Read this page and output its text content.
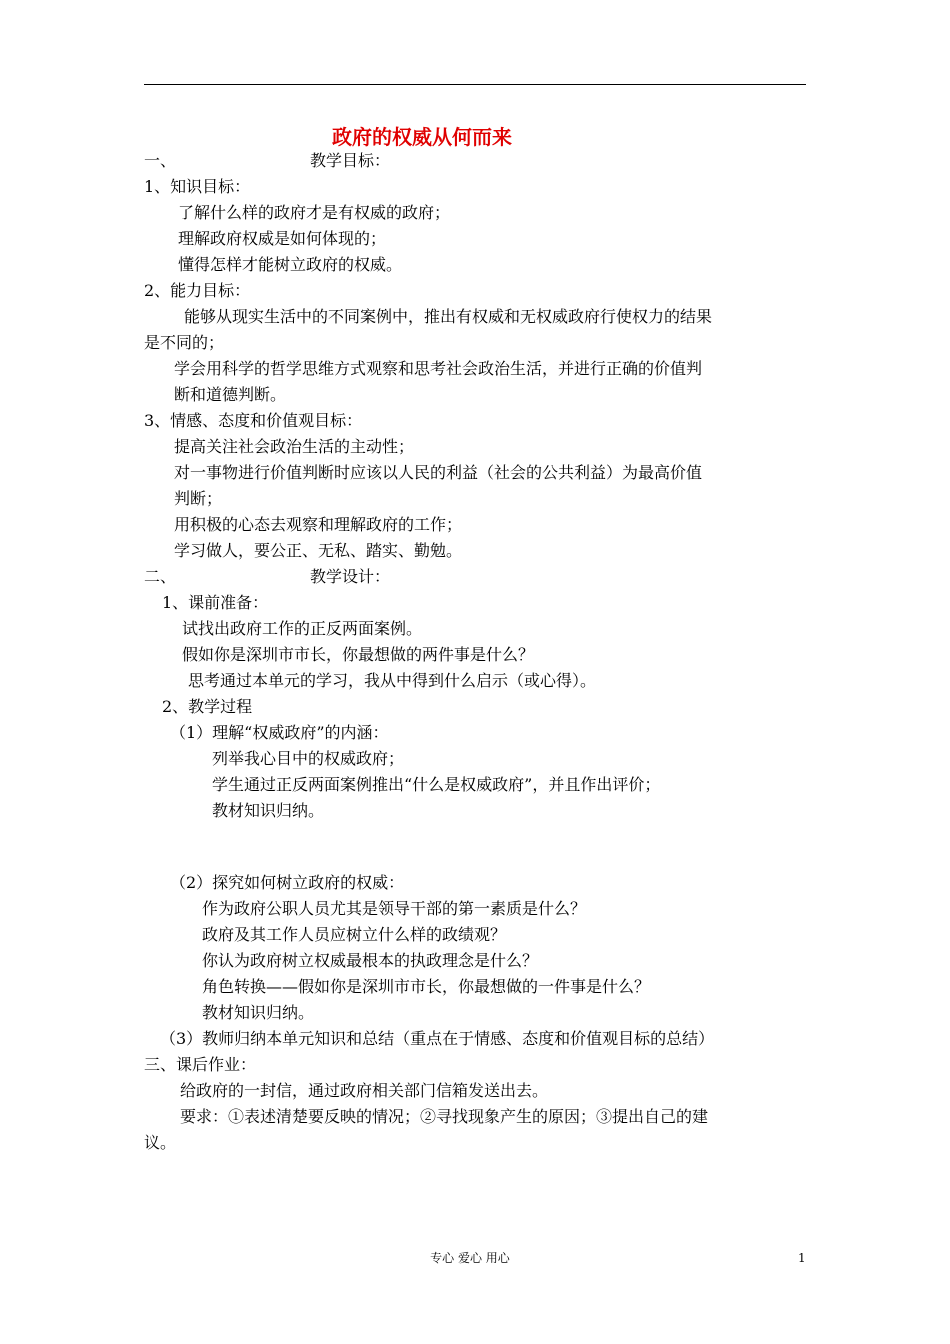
政府的权威从何而来
一、	教学目标：
1、知识目标：
了解什么样的政府才是有权威的政府；
理解政府权威是如何体现的；
懂得怎样才能树立政府的权威。
2、能力目标：
能够从现实生活中的不同案例中，推出有权威和无权威政府行使权力的结果
是不同的；
学会用科学的哲学思维方式观察和思考社会政治生活，并进行正确的价值判
断和道德判断。
3、情感、态度和价值观目标：
提高关注社会政治生活的主动性；
对一事物进行价值判断时应该以人民的利益（社会的公共利益）为最高价值
判断；
用积极的心态去观察和理解政府的工作；
学习做人，要公正、无私、踏实、勤勉。
二、	教学设计：
1、课前准备：
试找出政府工作的正反两面案例。
假如你是深圳市市长，你最想做的两件事是什么？
思考通过本单元的学习，我从中得到什么启示（或心得）。
2、教学过程
（1）理解“权威政府”的内涵：
列举我心目中的权威政府；
学生通过正反两面案例推出“什么是权威政府”，并且作出评价；
教材知识归纳。
（2）探究如何树立政府的权威：
作为政府公职人员尤其是领导干部的第一素质是什么？
政府及其工作人员应树立什么样的政绩观？
你认为政府树立权威最根本的执政理念是什么？
角色转换——假如你是深圳市市长，你最想做的一件事是什么？
教材知识归纳。
（3）教师归纳本单元知识和总结（重点在于情感、态度和价值观目标的总结）
三、课后作业：
给政府的一封信，通过政府相关部门信箱发送出去。
要求：①表述清楚要反映的情况；②寻找现象产生的原因；③提出自己的建
议。
专心 爱心 用心	1
